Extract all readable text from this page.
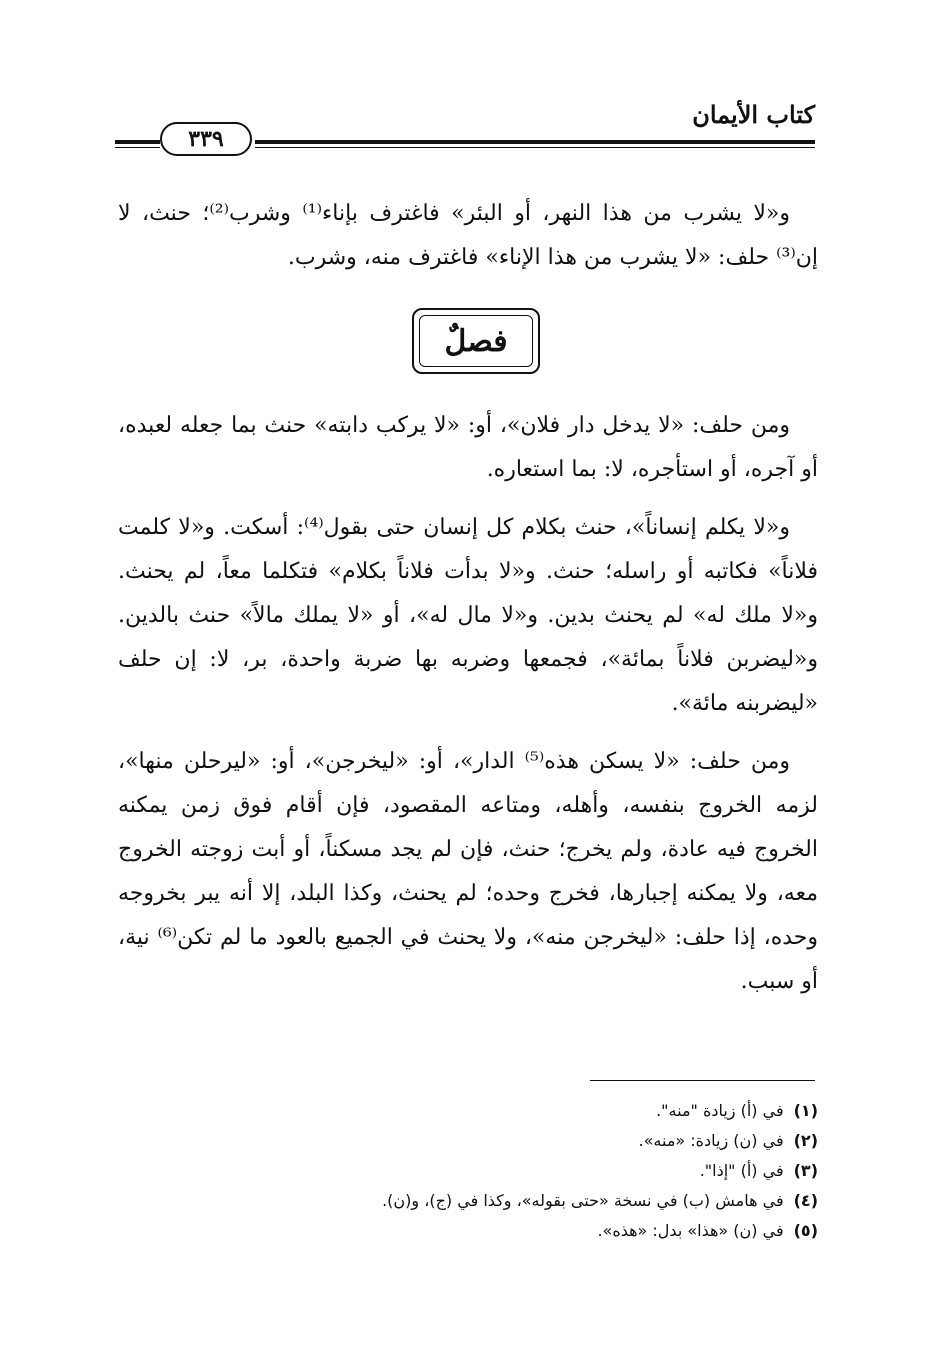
كتاب الأيمان
٣٣٩

و«لا يشرب من هذا النهر، أو البئر» فاغترف بإناء⁽¹⁾ وشرب⁽²⁾؛ حنث، لا إن⁽³⁾ حلف: «لا يشرب من هذا الإناء» فاغترف منه، وشرب.

فصلٌ

ومن حلف: «لا يدخل دار فلان»، أو: «لا يركب دابته» حنث بما جعله لعبده، أو آجره، أو استأجره، لا: بما استعاره.

و«لا يكلم إنساناً»، حنث بكلام كل إنسان حتى بقول⁽⁴⁾: أسكت. و«لا كلمت فلاناً» فكاتبه أو راسله؛ حنث. و«لا بدأت فلاناً بكلام» فتكلما معاً، لم يحنث. و«لا ملك له» لم يحنث بدين. و«لا مال له»، أو «لا يملك مالاً» حنث بالدين. و«ليضربن فلاناً بمائة»، فجمعها وضربه بها ضربة واحدة، بر، لا: إن حلف «ليضربنه مائة».

ومن حلف: «لا يسكن هذه⁽⁵⁾ الدار»، أو: «ليخرجن»، أو: «ليرحلن منها»، لزمه الخروج بنفسه، وأهله، ومتاعه المقصود، فإن أقام فوق زمن يمكنه الخروج فيه عادة، ولم يخرج؛ حنث، فإن لم يجد مسكناً، أو أبت زوجته الخروج معه، ولا يمكنه إجبارها، فخرج وحده؛ لم يحنث، وكذا البلد، إلا أنه يبر بخروجه وحده، إذا حلف: «ليخرجن منه»، ولا يحنث في الجميع بالعود ما لم تكن⁽⁶⁾ نية، أو سبب.

(١)
في (أ) زيادة "منه".
(٢)
في (ن) زيادة: «منه».
(٣)
في (أ) "إذا".
(٤)
في هامش (ب) في نسخة «حتى بقوله»، وكذا في (ج)، و(ن).
(٥)
في (ن) «هذا» بدل: «هذه».
